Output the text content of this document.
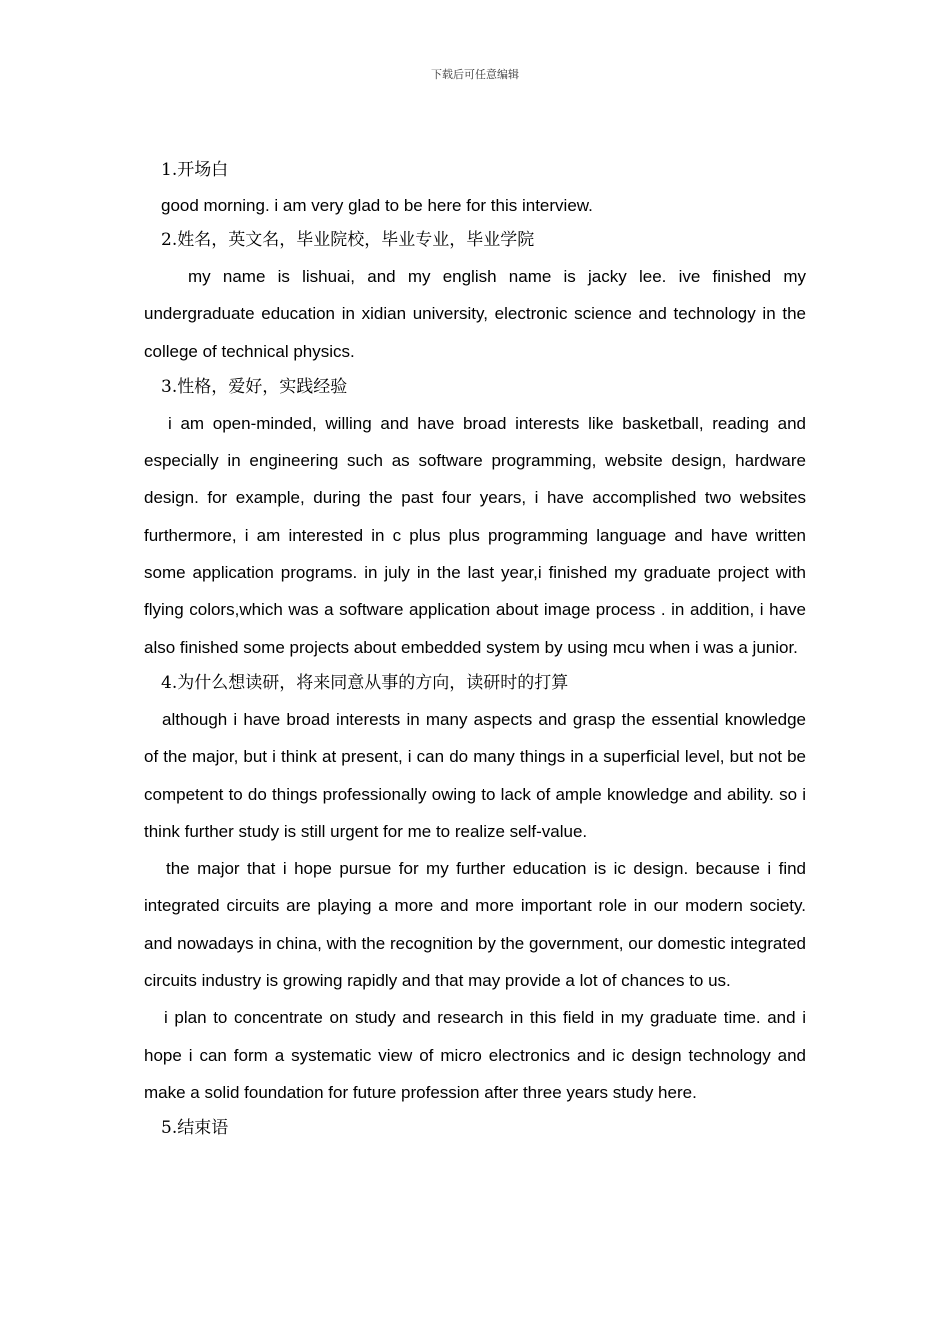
下载后可任意编辑

1.开场白

good morning. i am very glad to be here for this interview.

2.姓名，英文名，毕业院校，毕业专业，毕业学院

my name is lishuai, and my english name is jacky lee. ive finished my undergraduate education in xidian university, electronic science and technology in the college of technical physics.

3.性格，爱好，实践经验

i am open-minded, willing and have broad interests like basketball, reading and especially in engineering such as software programming, website design, hardware design. for example, during the past four years, i have accomplished two websites furthermore, i am interested in c plus plus programming language and have written some application programs. in july in the last year,i finished my graduate project with flying colors,which was a software application about image process . in addition, i have also finished some projects about embedded system by using mcu when i was a junior.

4.为什么想读研，将来同意从事的方向，读研时的打算

although i have broad interests in many aspects and grasp the essential knowledge of the major, but i think at present, i can do many things in a superficial level, but not be competent to do things professionally owing to lack of ample knowledge and ability. so i think further study is still urgent for me to realize self-value.

the major that i hope pursue for my further education is ic design. because i find integrated circuits are playing a more and more important role in our modern society. and nowadays in china, with the recognition by the government, our domestic integrated circuits industry is growing rapidly and that may provide a lot of chances to us.

i plan to concentrate on study and research in this field in my graduate time. and i hope i can form a systematic view of micro electronics and ic design technology and make a solid foundation for future profession after three years study here.

5.结束语
